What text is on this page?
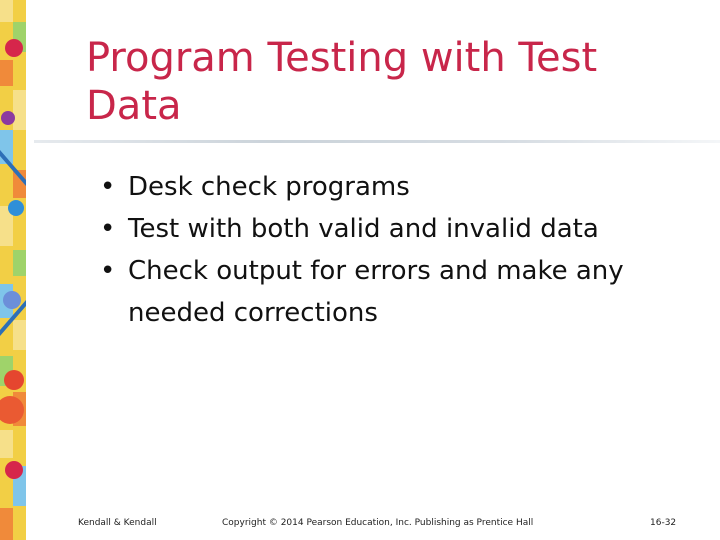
Program Testing with Test Data
• Desk check programs
• Test with both valid and invalid data
• Check output for errors and make any needed corrections
Kendall & Kendall	Copyright © 2014 Pearson Education, Inc. Publishing as Prentice Hall	16-32
